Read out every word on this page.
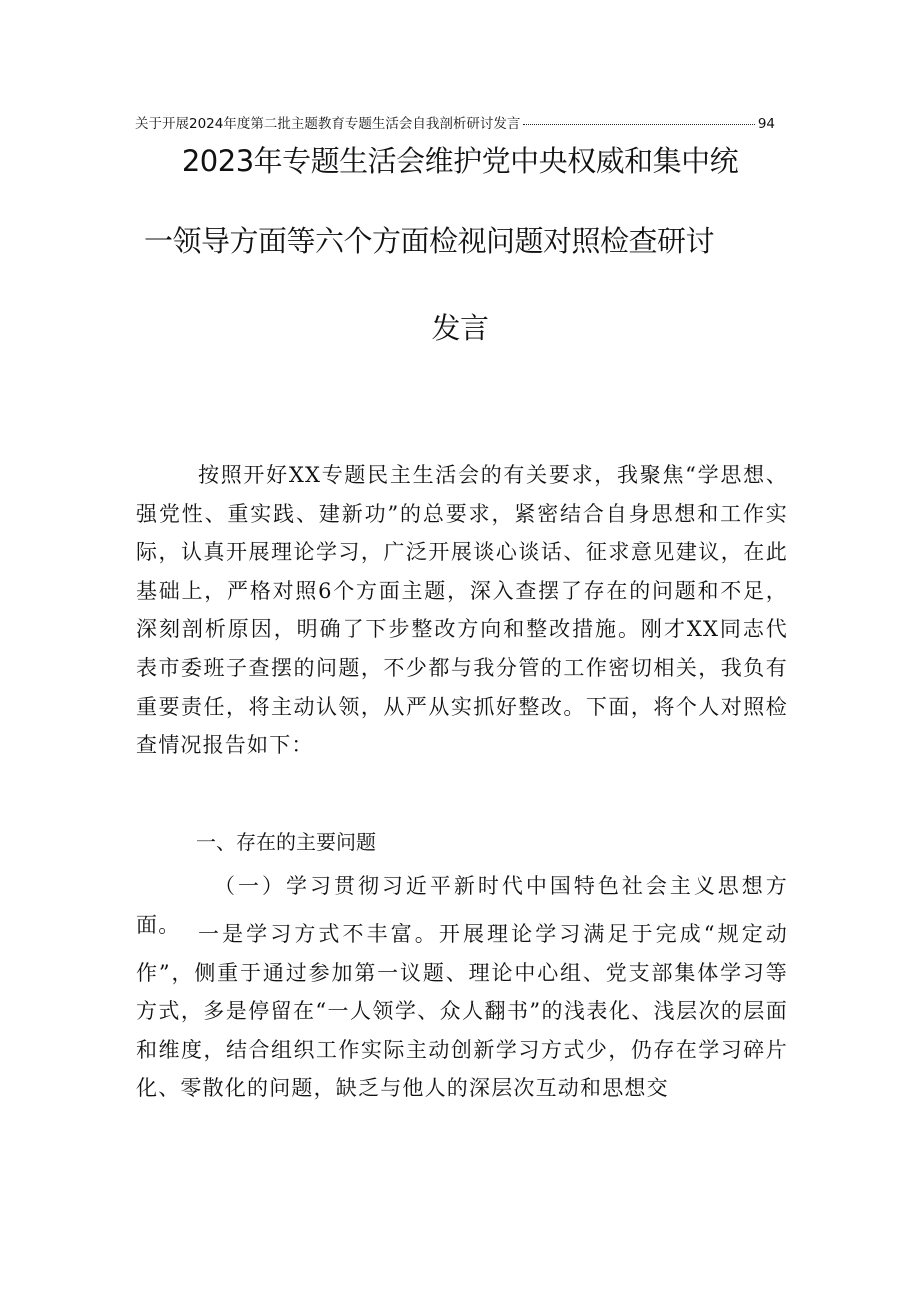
关于开展2024年度第二批主题教育专题生活会自我剖析研讨发言	94
2023年专题生活会维护党中央权威和集中统
一领导方面等六个方面检视问题对照检查研讨
发言

按照开好XX专题民主生活会的有关要求，我聚焦“学思想、强党性、重实践、建新功”的总要求，紧密结合自身思想和工作实际，认真开展理论学习，广泛开展谈心谈话、征求意见建议，在此基础上，严格对照6个方面主题，深入查摆了存在的问题和不足，深刻剖析原因，明确了下步整改方向和整改措施。刚才XX同志代表市委班子查摆的问题，不少都与我分管的工作密切相关，我负有重要责任，将主动认领，从严从实抓好整改。下面，将个人对照检查情况报告如下：

一、存在的主要问题

（一）学习贯彻习近平新时代中国特色社会主义思想方面。 一是学习方式不丰富。开展理论学习满足于完成“规定动作”，侧重于通过参加第一议题、理论中心组、党支部集体学习等方式，多是停留在“一人领学、众人翻书”的浅表化、浅层次的层面和维度，结合组织工作实际主动创新学习方式少，仍存在学习碎片化、零散化的问题，缺乏与他人的深层次互动和思想交
